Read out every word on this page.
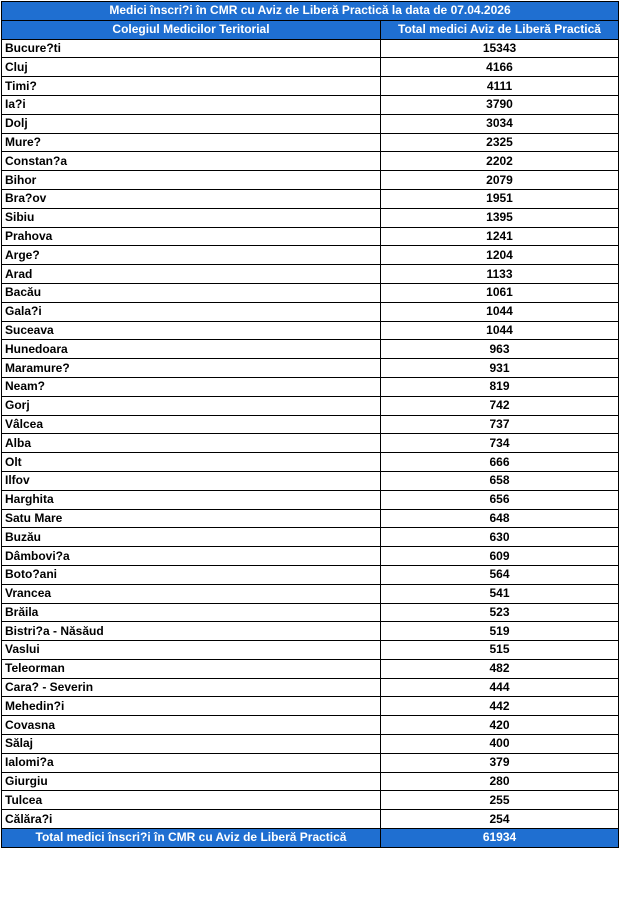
Medici înscri?i în CMR cu Aviz de Liberă Practică la data de 07.04.2026	
Colegiul Medicilor Teritorial	Total medici Aviz de Liberă Practică
Bucure?ti	15343
Cluj	4166
Timi?	4111
Ia?i	3790
Dolj	3034
Mure?	2325
Constan?a	2202
Bihor	2079
Bra?ov	1951
Sibiu	1395
Prahova	1241
Arge?	1204
Arad	1133
Bacău	1061
Gala?i	1044
Suceava	1044
Hunedoara	963
Maramure?	931
Neam?	819
Gorj	742
Vâlcea	737
Alba	734
Olt	666
Ilfov	658
Harghita	656
Satu Mare	648
Buzău	630
Dâmbovi?a	609
Boto?ani	564
Vrancea	541
Brăila	523
Bistri?a - Năsăud	519
Vaslui	515
Teleorman	482
Cara? - Severin	444
Mehedin?i	442
Covasna	420
Sălaj	400
Ialomi?a	379
Giurgiu	280
Tulcea	255
Călăra?i	254
Total medici înscri?i în CMR cu Aviz de Liberă Practică	61934
